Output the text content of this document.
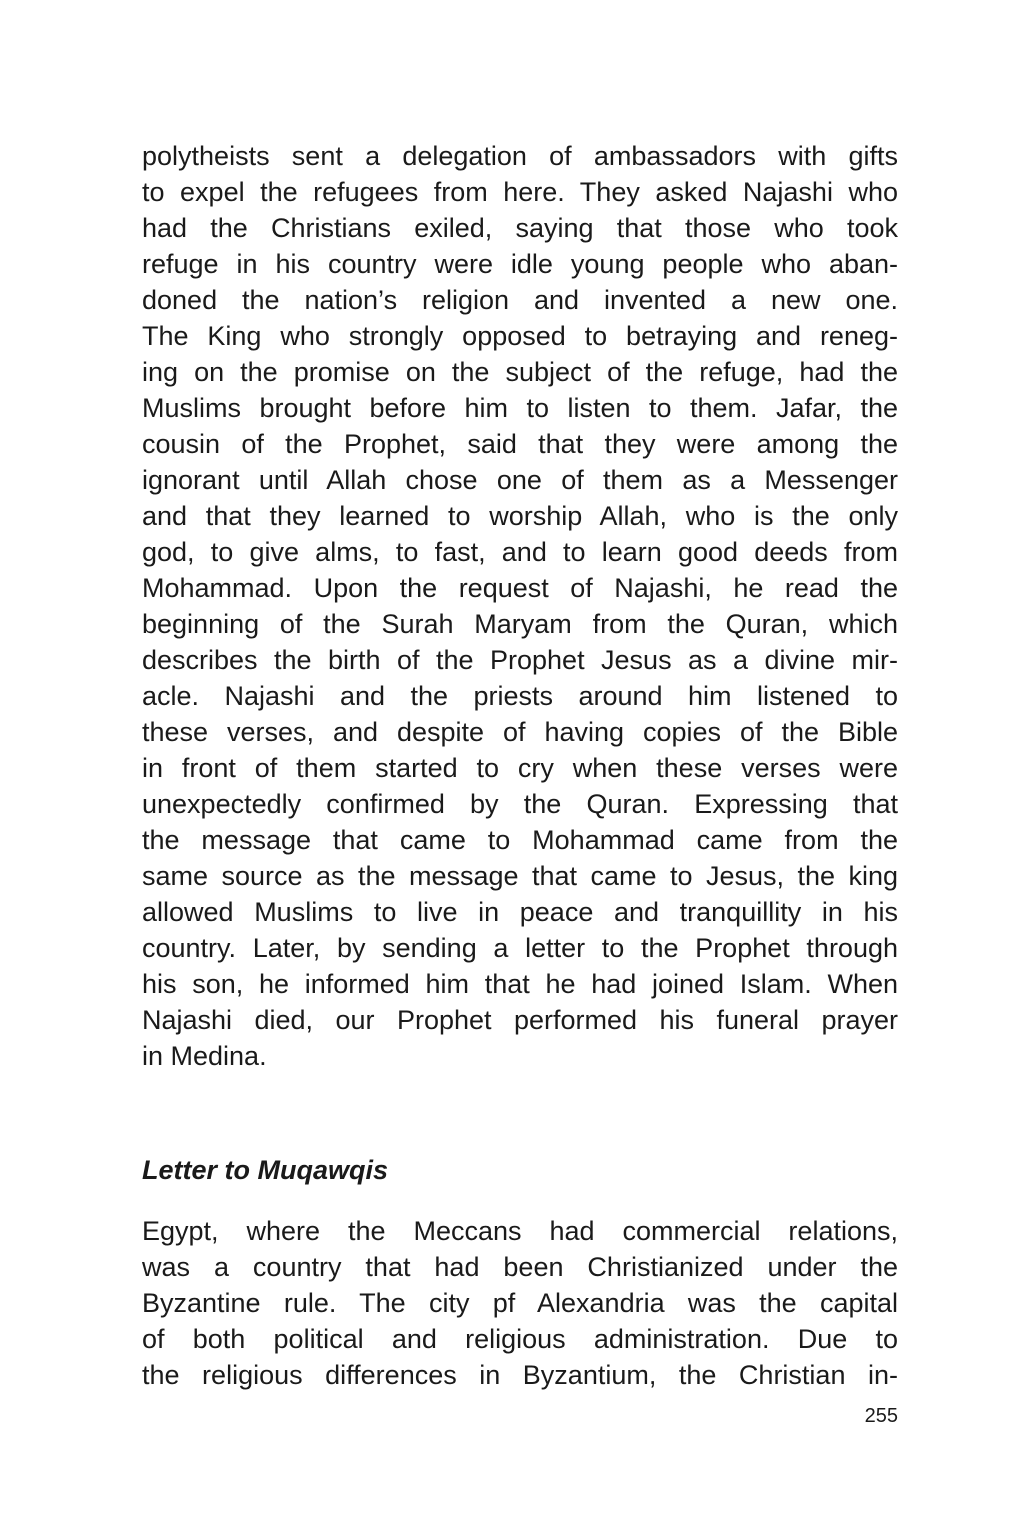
polytheists sent a delegation of ambassadors with gifts

to expel the refugees from here. They asked Najashi who

had the Christians exiled, saying that those who took

refuge in his country were idle young people who aban-

doned the nation’s religion and invented a new one.

The King who strongly opposed to betraying and reneg-

ing on the promise on the subject of the refuge, had the

Muslims brought before him to listen to them. Jafar, the

cousin of the Prophet, said that they were among the

ignorant until Allah chose one of them as a Messenger

and that they learned to worship Allah, who is the only

god, to give alms, to fast, and to learn good deeds from

Mohammad. Upon the request of Najashi, he read the

beginning of the Surah Maryam from the Quran, which

describes the birth of the Prophet Jesus as a divine mir-

acle. Najashi and the priests around him listened to

these verses, and despite of having copies of the Bible

in front of them started to cry when these verses were

unexpectedly confirmed by the Quran. Expressing that

the message that came to Mohammad came from the

same source as the message that came to Jesus, the king

allowed Muslims to live in peace and tranquillity in his

country. Later, by sending a letter to the Prophet through

his son, he informed him that he had joined Islam. When

Najashi died, our Prophet performed his funeral prayer

in Medina.

Letter to Muqawqis

Egypt, where the Meccans had commercial relations,

was a country that had been Christianized under the

Byzantine rule. The city pf Alexandria was the capital

of both political and religious administration. Due to

the religious differences in Byzantium, the Christian in-

255
